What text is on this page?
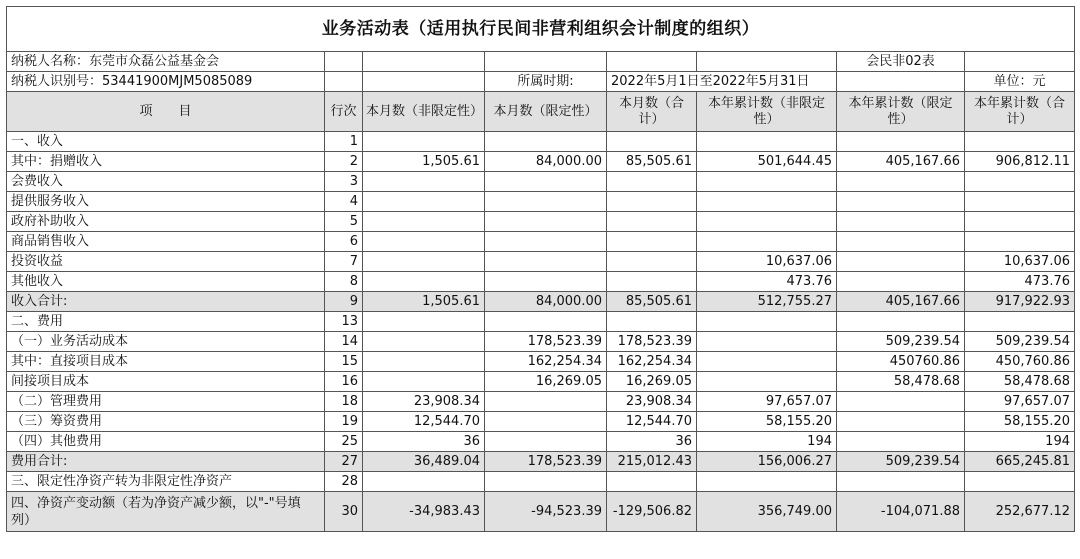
业务活动表（适用执行民间非营利组织会计制度的组织）							
纳税人名称：东莞市众磊公益基金会						会民非02表	
纳税人识别号：53441900MJM5085089			所属时期:	2022年5月1日至2022年5月31日			单位：元
项　　目	行次	本月数（非限定性）	本月数（限定性）	本月数（合计）	本年累计数（非限定性）	本年累计数（限定性）	本年累计数（合计）
一、收入	1						
其中：捐赠收入	2	1,505.61	84,000.00	85,505.61	501,644.45	405,167.66	906,812.11
会费收入	3						
提供服务收入	4						
政府补助收入	5						
商品销售收入	6						
投资收益	7				10,637.06		10,637.06
其他收入	8				473.76		473.76
收入合计:	9	1,505.61	84,000.00	85,505.61	512,755.27	405,167.66	917,922.93
二、费用	13						
（一）业务活动成本	14		178,523.39	178,523.39		509,239.54	509,239.54
其中：直接项目成本	15		162,254.34	162,254.34		450760.86	450,760.86
间接项目成本	16		16,269.05	16,269.05		58,478.68	58,478.68
（二）管理费用	18	23,908.34		23,908.34	97,657.07		97,657.07
（三）筹资费用	19	12,544.70		12,544.70	58,155.20		58,155.20
（四）其他费用	25	36		36	194		194
费用合计:	27	36,489.04	178,523.39	215,012.43	156,006.27	509,239.54	665,245.81
三、限定性净资产转为非限定性净资产	28						
四、净资产变动额（若为净资产减少额，以"-"号填列）	30	-34,983.43	-94,523.39	-129,506.82	356,749.00	-104,071.88	252,677.12
